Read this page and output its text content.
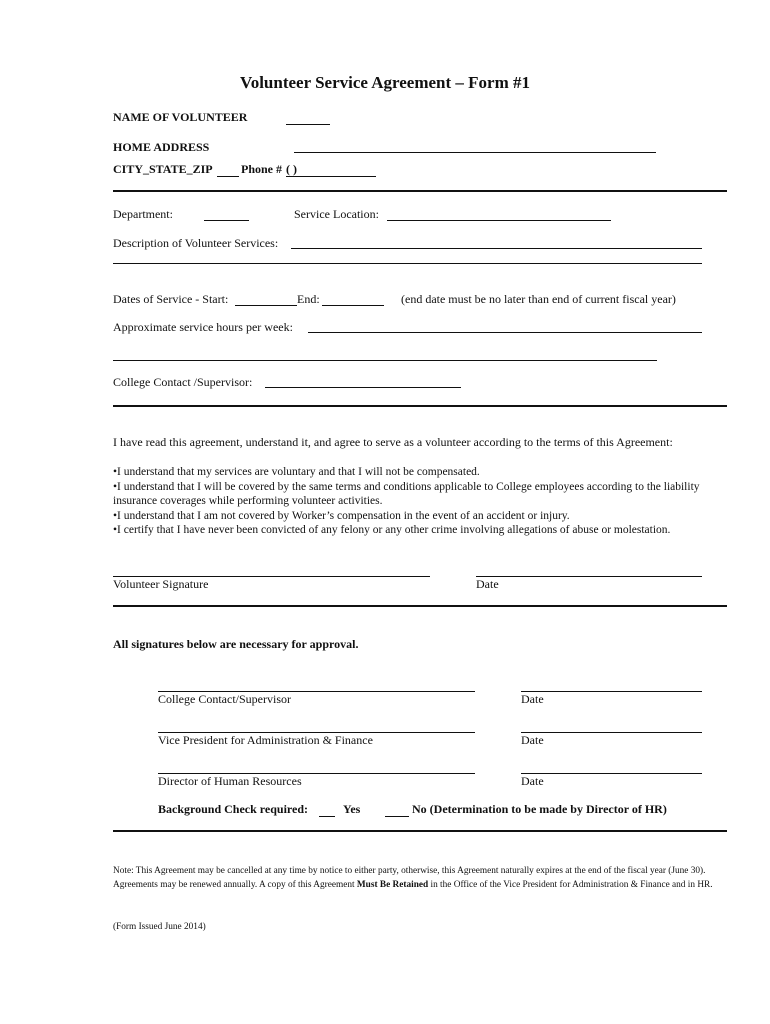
Volunteer Service Agreement – Form #1
NAME OF VOLUNTEER
HOME ADDRESS
CITY_STATE_ZIP Phone # ( )
Department:	Service Location:
Description of Volunteer Services:
Dates of Service - Start:	End:	(end date must be no later than end of current fiscal year)
Approximate service hours per week:
College Contact /Supervisor:
I have read this agreement, understand it, and agree to serve as a volunteer according to the terms of this Agreement:
•I understand that my services are voluntary and that I will not be compensated.
•I understand that I will be covered by the same terms and conditions applicable to College employees according to the liability insurance coverages while performing volunteer activities.
•I understand that I am not covered by Worker’s compensation in the event of an accident or injury.
•I certify that I have never been convicted of any felony or any other crime involving allegations of abuse or molestation.
Volunteer Signature	Date
All signatures below are necessary for approval.
College Contact/Supervisor	Date
Vice President for Administration & Finance	Date
Director of Human Resources	Date
Background Check required:	Yes	No (Determination to be made by Director of HR)
Note: This Agreement may be cancelled at any time by notice to either party, otherwise, this Agreement naturally expires at the end of the fiscal year (June 30). Agreements may be renewed annually. A copy of this Agreement Must Be Retained in the Office of the Vice President for Administration & Finance and in HR.
(Form Issued June 2014)
